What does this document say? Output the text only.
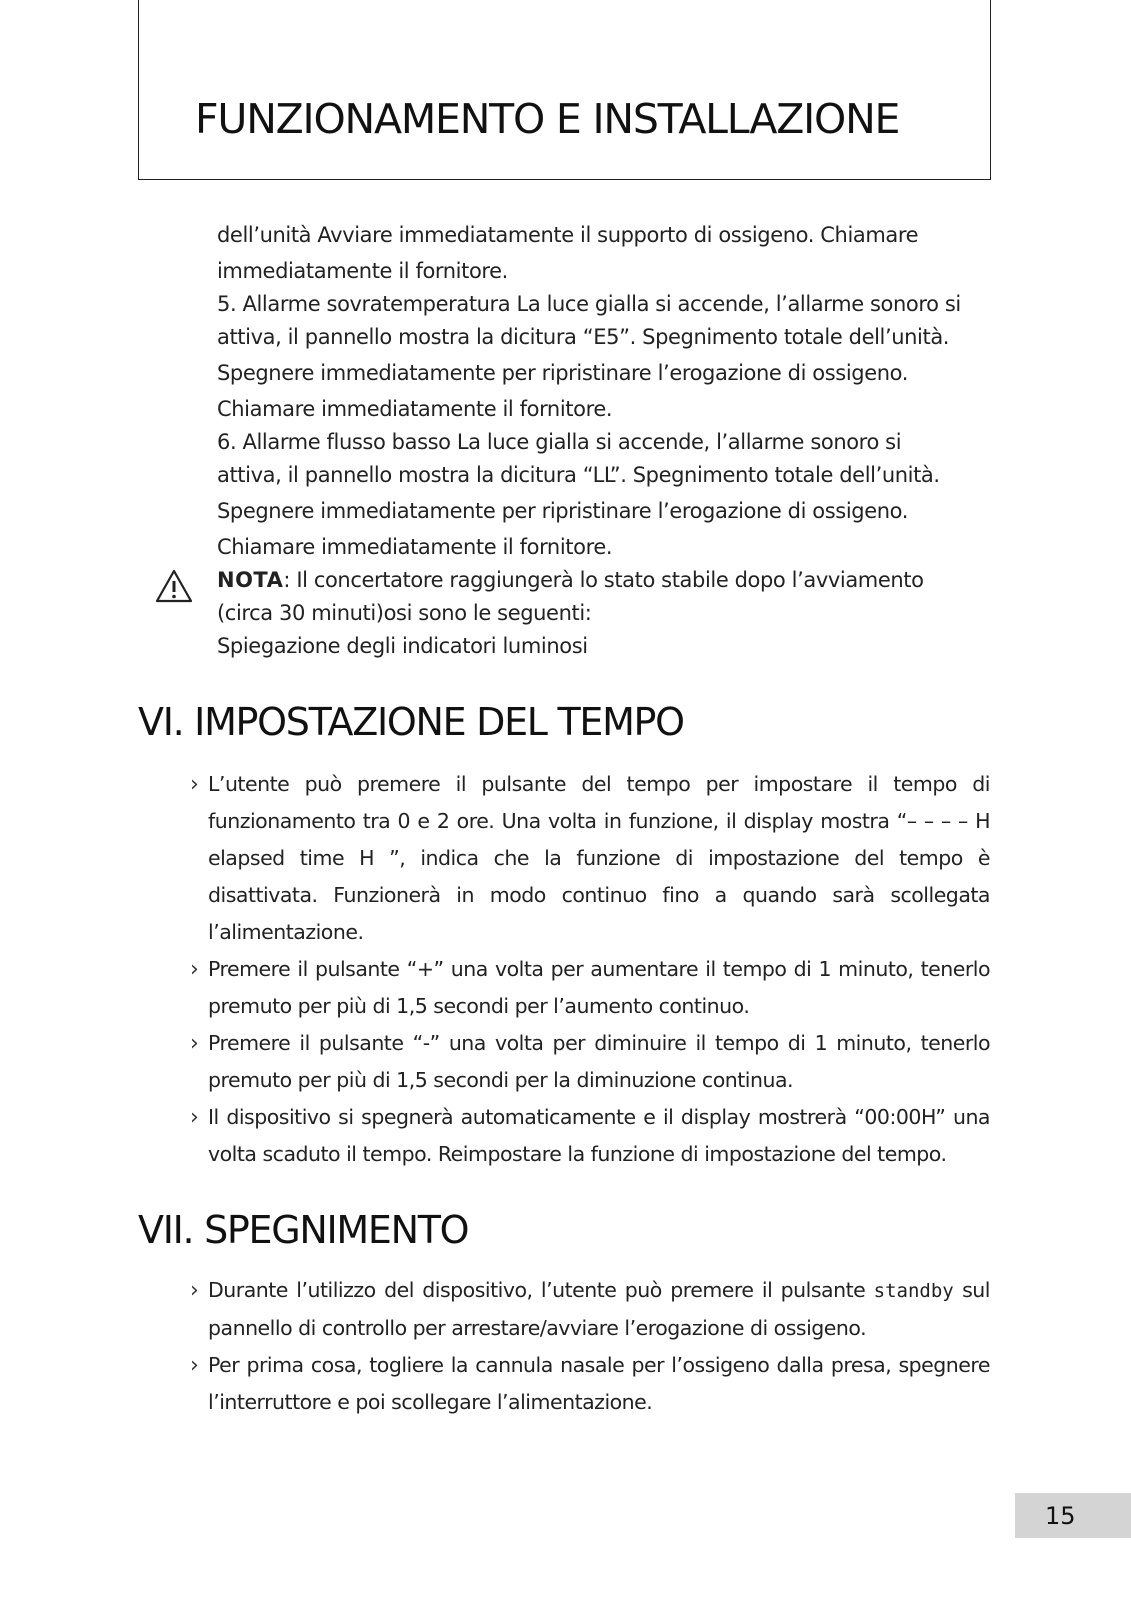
FUNZIONAMENTO E INSTALLAZIONE

dell’unità Avviare immediatamente il supporto di ossigeno. Chiamare

immediatamente il fornitore.

5. Allarme sovratemperatura La luce gialla si accende, l’allarme sonoro si

attiva, il pannello mostra la dicitura “E5”. Spegnimento totale dell’unità.

Spegnere immediatamente per ripristinare l’erogazione di ossigeno.

Chiamare immediatamente il fornitore.

6. Allarme flusso basso La luce gialla si accende, l’allarme sonoro si

attiva, il pannello mostra la dicitura “LL”. Spegnimento totale dell’unità.

Spegnere immediatamente per ripristinare l’erogazione di ossigeno.

Chiamare immediatamente il fornitore.

NOTA: Il concertatore raggiungerà lo stato stabile dopo l’avviamento

(circa 30 minuti)osi sono le seguenti:

Spiegazione degli indicatori luminosi

VI. IMPOSTAZIONE DEL TEMPO
› L’utente può premere il pulsante del tempo per impostare il tempo di funzionamento tra 0 e 2 ore. Una volta in funzione, il display mostra “– – – – H elapsed time H ”, indica che la funzione di impostazione del tempo è disattivata. Funzionerà in modo continuo fino a quando sarà scollegata l’alimentazione.
› Premere il pulsante “+” una volta per aumentare il tempo di 1 minuto, tenerlo premuto per più di 1,5 secondi per l’aumento continuo.
› Premere il pulsante “-” una volta per diminuire il tempo di 1 minuto, tenerlo premuto per più di 1,5 secondi per la diminuzione continua.
› Il dispositivo si spegnerà automaticamente e il display mostrerà “00:00H” una volta scaduto il tempo. Reimpostare la funzione di impostazione del tempo.
VII. SPEGNIMENTO
› Durante l’utilizzo del dispositivo, l’utente può premere il pulsante standby sul pannello di controllo per arrestare/avviare l’erogazione di ossigeno.
› Per prima cosa, togliere la cannula nasale per l’ossigeno dalla presa, spegnere l’interruttore e poi scollegare l’alimentazione.
15
